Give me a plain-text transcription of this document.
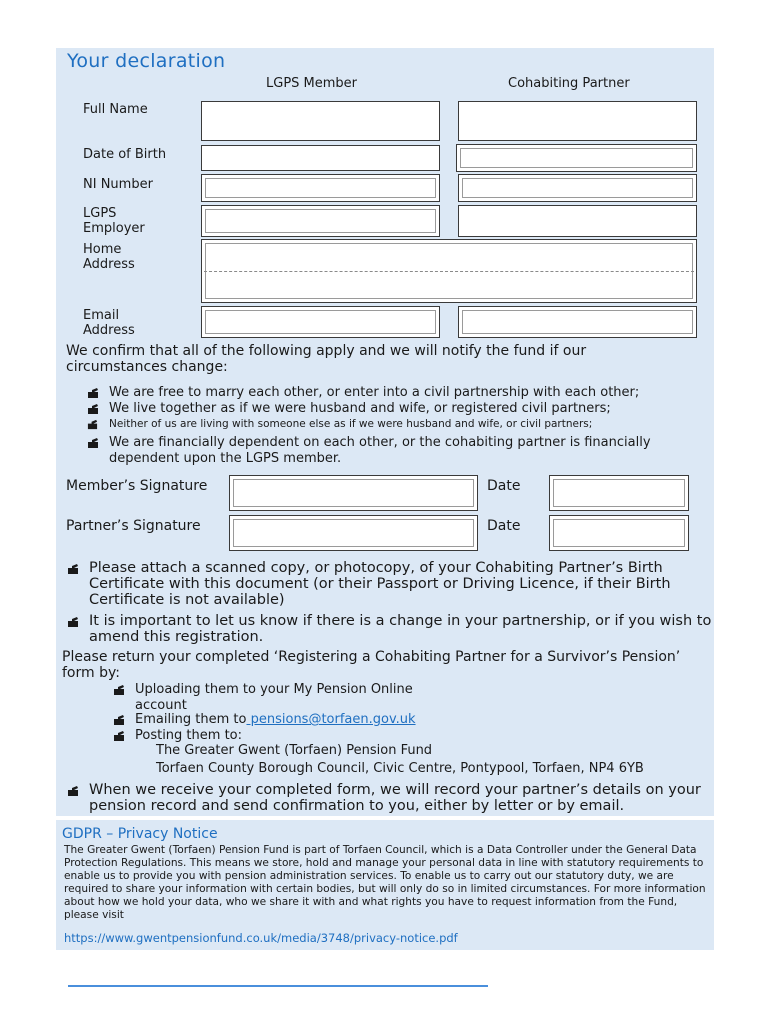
Your declaration
LGPS Member	Cohabiting Partner
Full Name
Date of Birth
NI Number
LGPS Employer
Home Address
Email Address
We confirm that all of the following apply and we will notify the fund if our circumstances change:
We are free to marry each other, or enter into a civil partnership with each other;
We live together as if we were husband and wife, or registered civil partners;
Neither of us are living with someone else as if we were husband and wife, or civil partners;
We are financially dependent on each other, or the cohabiting partner is financially dependent upon the LGPS member.
Member’s Signature	Date
Partner’s Signature	Date
Please attach a scanned copy, or photocopy, of your Cohabiting Partner’s Birth Certificate with this document (or their Passport or Driving Licence, if their Birth Certificate is not available)
It is important to let us know if there is a change in your partnership, or if you wish to amend this registration.
Please return your completed ‘Registering a Cohabiting Partner for a Survivor’s Pension’ form by:
Uploading them to your My Pension Online account
Emailing them to pensions@torfaen.gov.uk
Posting them to:
The Greater Gwent (Torfaen) Pension Fund
Torfaen County Borough Council, Civic Centre, Pontypool, Torfaen, NP4 6YB
When we receive your completed form, we will record your partner’s details on your pension record and send confirmation to you, either by letter or by email.
GDPR – Privacy Notice
The Greater Gwent (Torfaen) Pension Fund is part of Torfaen Council, which is a Data Controller under the General Data Protection Regulations. This means we store, hold and manage your personal data in line with statutory requirements to enable us to provide you with pension administration services. To enable us to carry out our statutory duty, we are required to share your information with certain bodies, but will only do so in limited circumstances. For more information about how we hold your data, who we share it with and what rights you have to request information from the Fund, please visit
https://www.gwentpensionfund.co.uk/media/3748/privacy-notice.pdf
